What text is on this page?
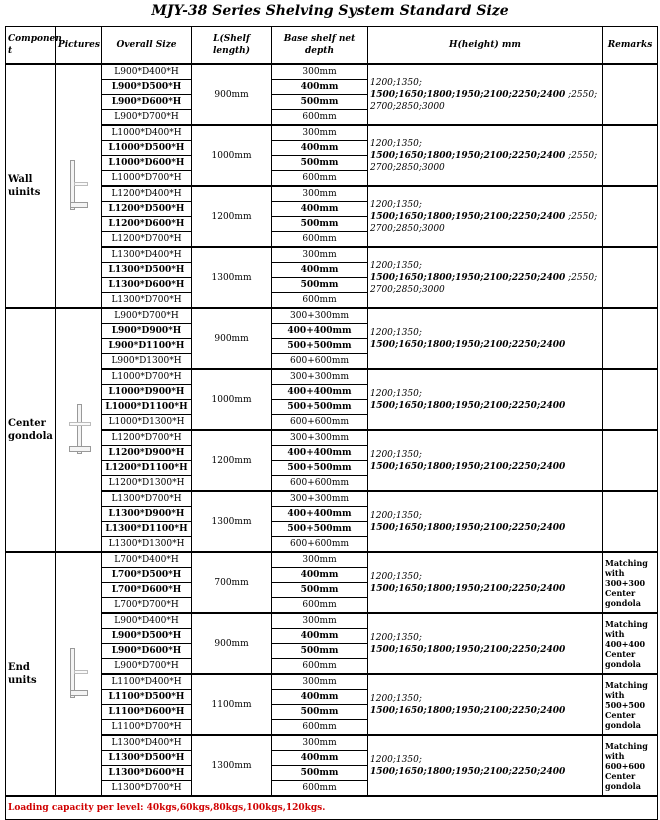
MJY-38 Series Shelving System Standard Size
Componen t	Pictures	Overall Size	L(Shelf length)	Base shelf net depth	H(height) mm	Remarks
Wall uinits		L900*D400*H	900mm	300mm	1200;1350; 1500;1650;1800;1950;2100;2250;2400 ;2550; 2700;2850;3000	
		L900*D500*H		400mm		
		L900*D600*H		500mm		
		L900*D700*H		600mm		
		L1000*D400*H	1000mm	300mm	1200;1350; 1500;1650;1800;1950;2100;2250;2400 ;2550; 2700;2850;3000	
		L1000*D500*H		400mm		
		L1000*D600*H		500mm		
		L1000*D700*H		600mm		
		L1200*D400*H	1200mm	300mm	1200;1350; 1500;1650;1800;1950;2100;2250;2400 ;2550; 2700;2850;3000	
		L1200*D500*H		400mm		
		L1200*D600*H		500mm		
		L1200*D700*H		600mm		
		L1300*D400*H	1300mm	300mm	1200;1350; 1500;1650;1800;1950;2100;2250;2400 ;2550; 2700;2850;3000	
		L1300*D500*H		400mm		
		L1300*D600*H		500mm		
		L1300*D700*H		600mm		
Center gondola		L900*D700*H	900mm	300+300mm	1200;1350; 1500;1650;1800;1950;2100;2250;2400	
		L900*D900*H		400+400mm		
		L900*D1100*H		500+500mm		
		L900*D1300*H		600+600mm		
		L1000*D700*H	1000mm	300+300mm	1200;1350; 1500;1650;1800;1950;2100;2250;2400	
		L1000*D900*H		400+400mm		
		L1000*D1100*H		500+500mm		
		L1000*D1300*H		600+600mm		
		L1200*D700*H	1200mm	300+300mm	1200;1350; 1500;1650;1800;1950;2100;2250;2400	
		L1200*D900*H		400+400mm		
		L1200*D1100*H		500+500mm		
		L1200*D1300*H		600+600mm		
		L1300*D700*H	1300mm	300+300mm	1200;1350; 1500;1650;1800;1950;2100;2250;2400	
		L1300*D900*H		400+400mm		
		L1300*D1100*H		500+500mm		
		L1300*D1300*H		600+600mm		
End units		L700*D400*H	700mm	300mm	1200;1350; 1500;1650;1800;1950;2100;2250;2400	Matching with 300+300 Center gondola
		L700*D500*H		400mm		
		L700*D600*H		500mm		
		L700*D700*H		600mm		
		L900*D400*H	900mm	300mm	1200;1350; 1500;1650;1800;1950;2100;2250;2400	Matching with 400+400 Center gondola
		L900*D500*H		400mm		
		L900*D600*H		500mm		
		L900*D700*H		600mm		
		L1100*D400*H	1100mm	300mm	1200;1350; 1500;1650;1800;1950;2100;2250;2400	Matching with 500+500 Center gondola
		L1100*D500*H		400mm		
		L1100*D600*H		500mm		
		L1100*D700*H		600mm		
		L1300*D400*H	1300mm	300mm	1200;1350; 1500;1650;1800;1950;2100;2250;2400	Matching with 600+600 Center gondola
		L1300*D500*H		400mm		
		L1300*D600*H		500mm		
		L1300*D700*H		600mm		
Loading capacity per level: 40kgs,60kgs,80kgs,100kgs,120kgs.						
